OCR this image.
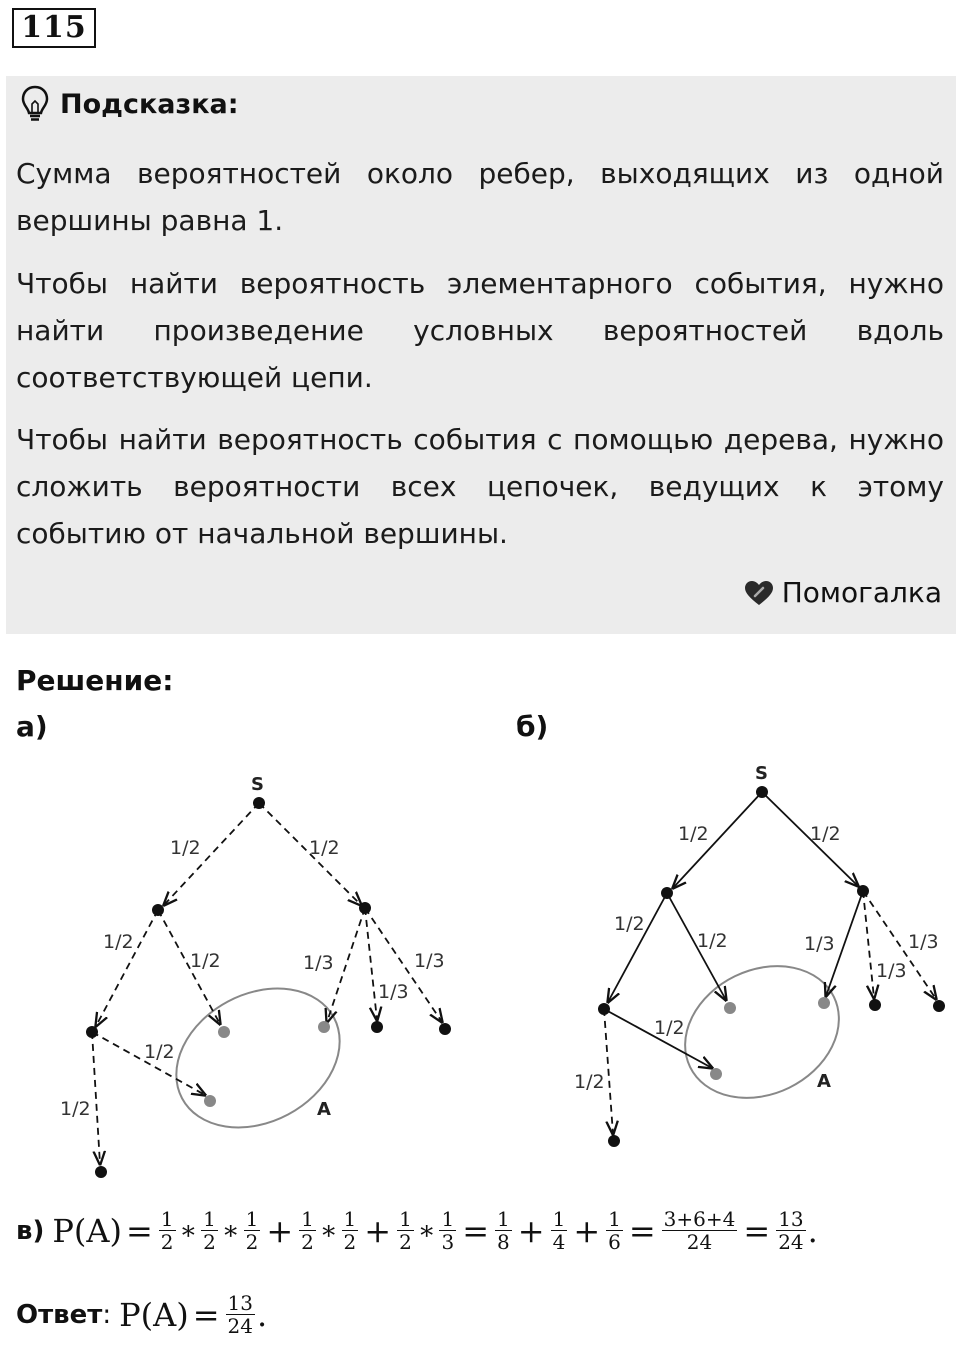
115
Подсказка:

Сумма вероятностей около ребер, выходящих из одной вершины равна 1.

Чтобы найти вероятность элементарного события, нужно найти произведение условных вероятностей вдоль соответствующей цепи.

Чтобы найти вероятность события с помощью дерева, нужно сложить вероятности всех цепочек, ведущих к этому событию от начальной вершины.

Помогалка
Решение:
а)	б)
S
A
1/2	1/2
1/2
1/2	1/3
1/3
1/3
1/2
1/2
S
A
1/2	1/2
1/2
1/2	1/3
1/3
1/3
1/2
1/2
в) $P(A) = \frac{1}{2}$ ∗ $\frac{1}{2}$ ∗ $\frac{1}{2} + \frac{1}{2}$ ∗ $\frac{1}{2} + \frac{1}{2}$ ∗ $\frac{1}{3} = \frac{1}{8} + \frac{1}{4} + \frac{1}{6} = \frac{3+6+4}{24} = \frac{13}{24}$ .
Ответ : $P(A) = \frac{13}{24}$ .
